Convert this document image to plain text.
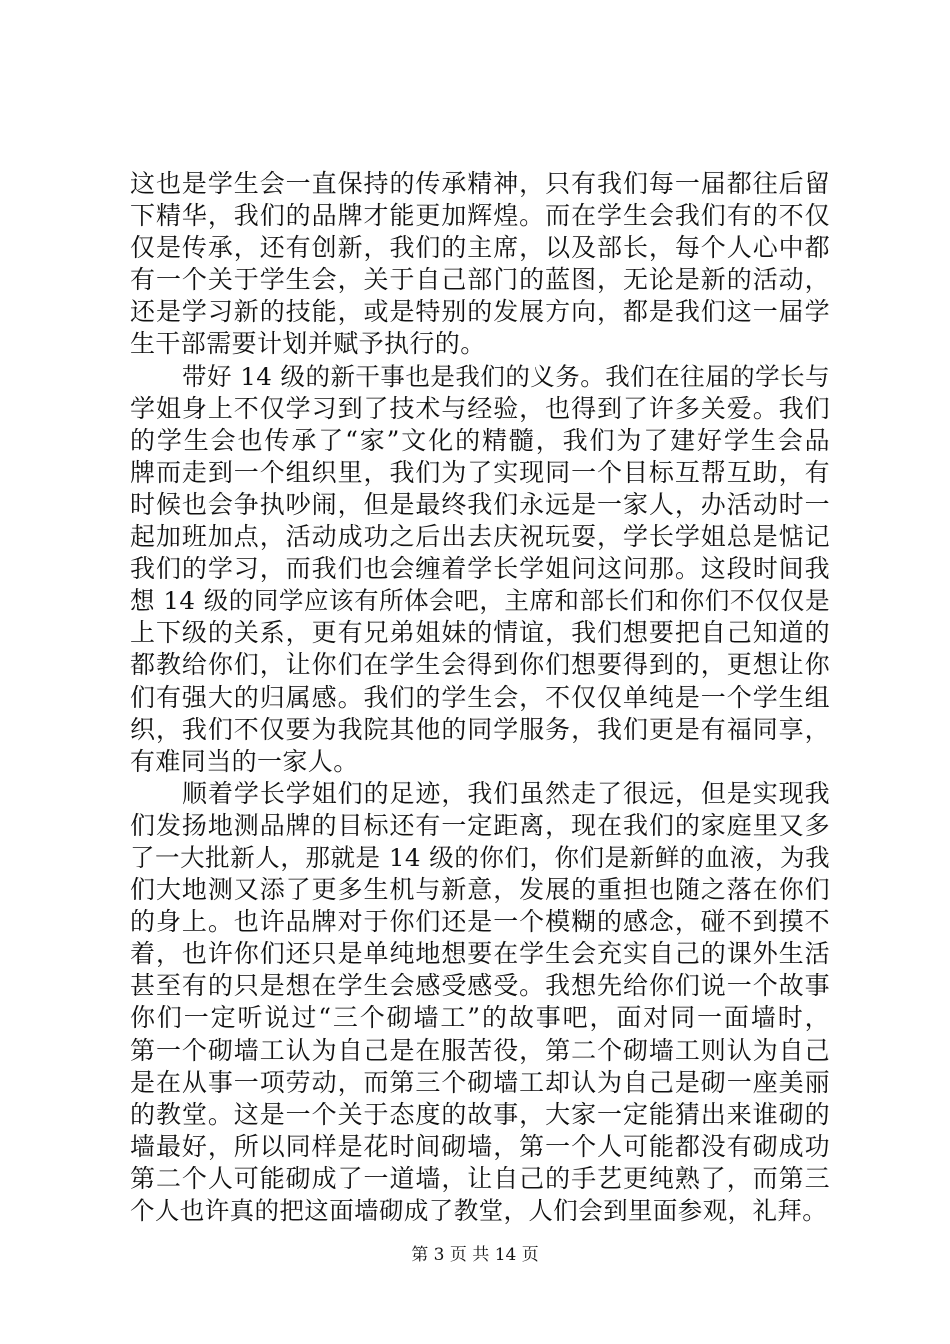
这也是学生会一直保持的传承精神，只有我们每一届都往后留
下精华，我们的品牌才能更加辉煌。而在学生会我们有的不仅
仅是传承，还有创新，我们的主席，以及部长，每个人心中都
有一个关于学生会，关于自己部门的蓝图，无论是新的活动，
还是学习新的技能，或是特别的发展方向，都是我们这一届学
生干部需要计划并赋予执行的。
带好 14 级的新干事也是我们的义务。我们在往届的学长与
学姐身上不仅学习到了技术与经验，也得到了许多关爱。我们
的学生会也传承了“家”文化的精髓，我们为了建好学生会品
牌而走到一个组织里，我们为了实现同一个目标互帮互助，有
时候也会争执吵闹，但是最终我们永远是一家人，办活动时一
起加班加点，活动成功之后出去庆祝玩耍，学长学姐总是惦记
我们的学习，而我们也会缠着学长学姐问这问那。这段时间我
想 14 级的同学应该有所体会吧，主席和部长们和你们不仅仅是
上下级的关系，更有兄弟姐妹的情谊，我们想要把自己知道的
都教给你们，让你们在学生会得到你们想要得到的，更想让你
们有强大的归属感。我们的学生会，不仅仅单纯是一个学生组
织，我们不仅要为我院其他的同学服务，我们更是有福同享，
有难同当的一家人。
顺着学长学姐们的足迹，我们虽然走了很远，但是实现我
们发扬地测品牌的目标还有一定距离，现在我们的家庭里又多
了一大批新人，那就是 14 级的你们，你们是新鲜的血液，为我
们大地测又添了更多生机与新意，发展的重担也随之落在你们
的身上。也许品牌对于你们还是一个模糊的感念，碰不到摸不
着，也许你们还只是单纯地想要在学生会充实自己的课外生活
甚至有的只是想在学生会感受感受。我想先给你们说一个故事
你们一定听说过“三个砌墙工”的故事吧，面对同一面墙时，
第一个砌墙工认为自己是在服苦役，第二个砌墙工则认为自己
是在从事一项劳动，而第三个砌墙工却认为自己是砌一座美丽
的教堂。这是一个关于态度的故事，大家一定能猜出来谁砌的
墙最好，所以同样是花时间砌墙，第一个人可能都没有砌成功
第二个人可能砌成了一道墙，让自己的手艺更纯熟了，而第三
个人也许真的把这面墙砌成了教堂，人们会到里面参观，礼拜。
第 3 页 共 14 页
